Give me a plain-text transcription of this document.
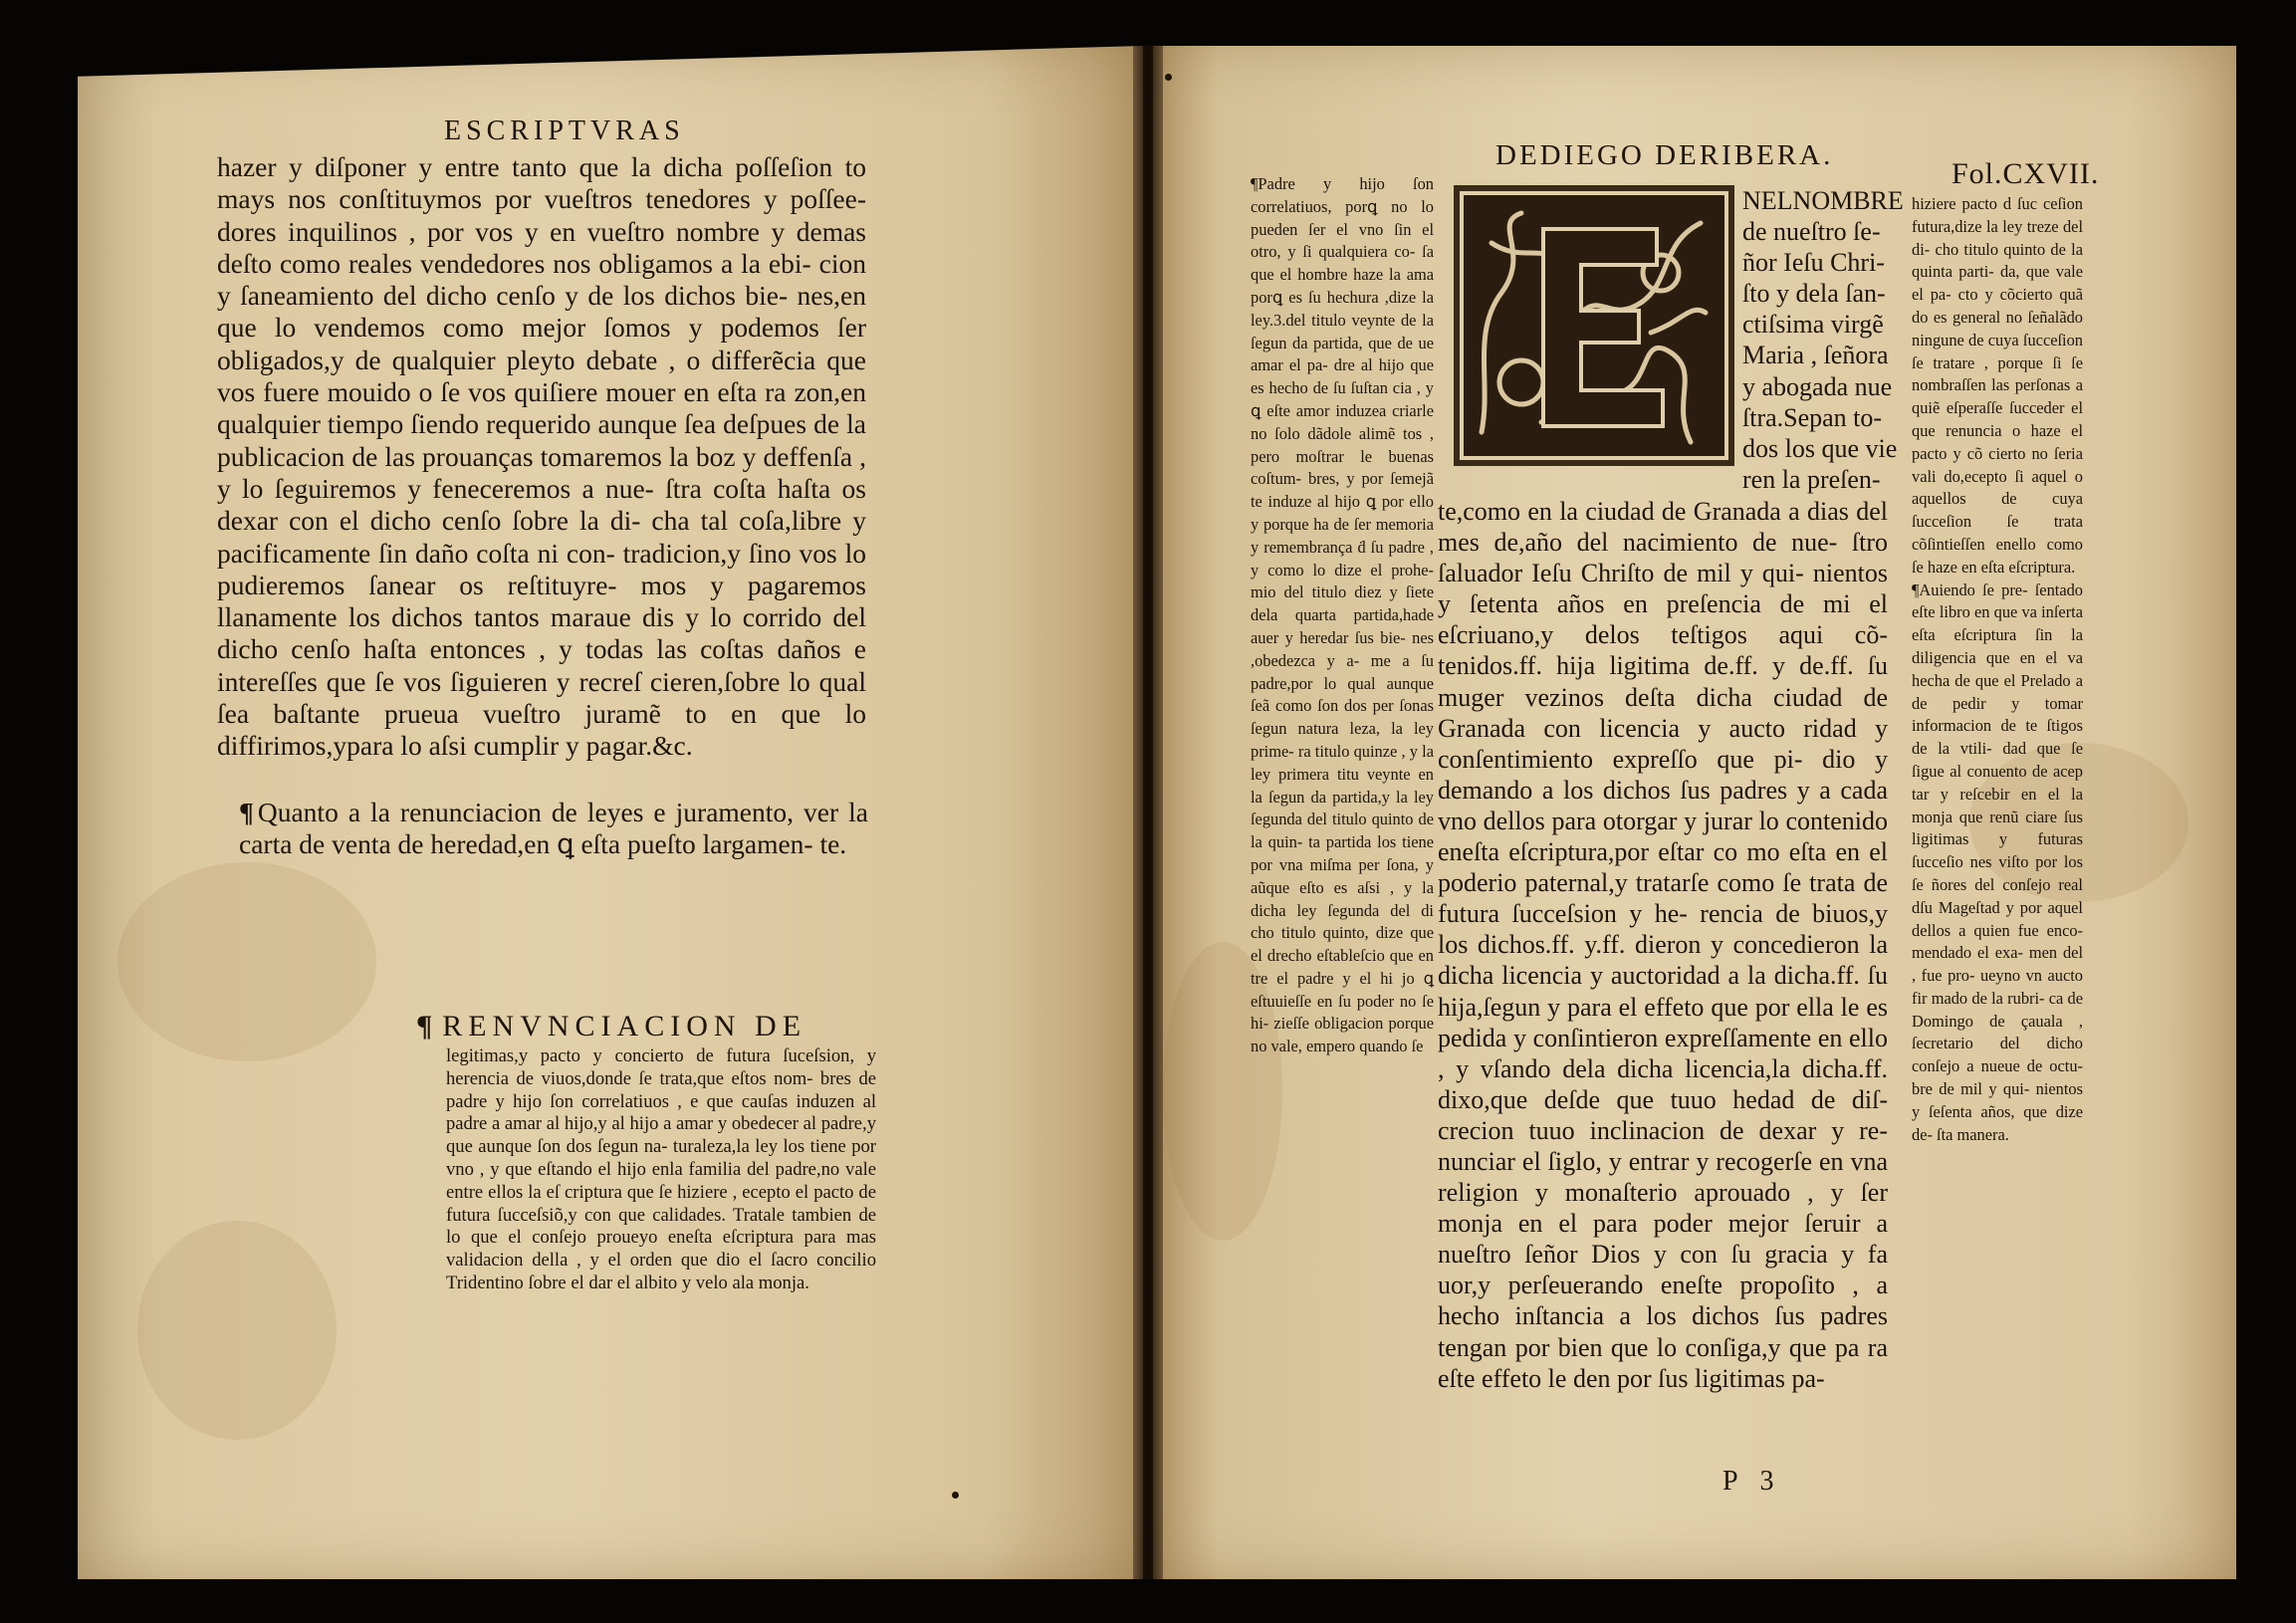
ESCRIPTVRAS

hazer y diſponer y entre tanto que la dicha poſſeſion to mays nos conſtituymos por vueſtros tenedores y poſſee- dores inquilinos , por vos y en vueſtro nombre y demas deſto como reales vendedores nos obligamos a la ebi- cion y ſaneamiento del dicho cenſo y de los dichos bie- nes,en que lo vendemos como mejor ſomos y podemos ſer obligados,y de qualquier pleyto debate , o differẽcia que vos fuere mouido o ſe vos quiſiere mouer en eſta ra zon,en qualquier tiempo ſiendo requerido aunque ſea deſpues de la publicacion de las prouanças tomaremos la boz y deffenſa , y lo ſeguiremos y feneceremos a nue- ſtra coſta haſta os dexar con el dicho cenſo ſobre la di- cha tal coſa,libre y pacificamente ſin daño coſta ni con- tradicion,y ſino vos lo pudieremos ſanear os reſtituyre- mos y pagaremos llanamente los dichos tantos maraue dis y lo corrido del dicho cenſo haſta entonces , y todas las coſtas daños e intereſſes que ſe vos ſiguieren y recreſ cieren,ſobre lo qual ſea baſtante prueua vueſtro juramẽ to en que lo diffirimos,ypara lo aſsi cumplir y pagar.&c.

¶ Quanto a la renunciacion de leyes e juramento, ver la carta de venta de heredad,en ꝗ eſta pueſto largamen- te.

¶ RENVNCIACION DE
legitimas,y pacto y concierto de futura ſuceſsion, y herencia de viuos,donde ſe trata,que eſtos nom- bres de padre y hijo ſon correlatiuos , e que cauſas induzen al padre a amar al hijo,y al hijo a amar y obedecer al padre,y que aunque ſon dos ſegun na- turaleza,la ley los tiene por vno , y que eſtando el hijo enla familia del padre,no vale entre ellos la eſ criptura que ſe hiziere , ecepto el pacto de futura ſucceſsiõ,y con que calidades. Tratale tambien de lo que el conſejo proueyo eneſta eſcriptura para mas validacion della , y el orden que dio el ſacro concilio Tridentino ſobre el dar el albito y velo ala monja.
DEDIEGO DERIBERA.
Fol.CXVII.

¶Padre y hijo ſon correlatiuos, porꝗ no lo pueden ſer el vno ſin el otro, y ſi qualquiera co- ſa que el hombre haze la ama porꝗ es ſu hechura ,dize la ley.3.del titulo veynte de la ſegun da partida, que de ue amar el pa- dre al hijo que es hecho de ſu ſuſtan cia , y ꝗ eſte amor induzea criarle no ſolo dãdole alimẽ tos , pero moſtrar le buenas coſtum- bres, y por ſemejã te induze al hijo ꝗ por ello y porque ha de ſer memoria y remembrança ḋ ſu padre , y como lo dize el prohe- mio del titulo diez y ſiete dela quarta partida,hade auer y heredar ſus bie- nes ,obedezca y a- me a ſu padre,por lo qual aunque ſeã como ſon dos per ſonas ſegun natura leza, la ley prime- ra titulo quinze , y la ley primera titu veynte en la ſegun da partida,y la ley ſegunda del titulo quinto de la quin- ta partida los tiene por vna miſma per ſona, y aũque eſto es aſsi , y la dicha ley ſegunda del di cho titulo quinto, dize que el drecho eſtableſcio que en tre el padre y el hi jo ꝗ eſtuuieſſe en ſu poder no ſe hi- zieſſe obligacion porque no vale, empero quando ſe

NELNOMBRE
de nueſtro ſe-
ñor Ieſu Chri-
ſto y dela ſan-
ctiſsima virgẽ
Maria , ſeñora
y abogada nue
ſtra.Sepan to-
dos los que vie
ren la preſen-

te,como en la ciudad de Granada a dias del mes de,año del nacimiento de nue- ſtro ſaluador Ieſu Chriſto de mil y qui- nientos y ſetenta años en preſencia de mi el eſcriuano,y delos teſtigos aqui cõ- tenidos.ff. hija ligitima de.ff. y de.ff. ſu muger vezinos deſta dicha ciudad de Granada con licencia y aucto ridad y conſentimiento expreſſo que pi- dio y demando a los dichos ſus padres y a cada vno dellos para otorgar y jurar lo contenido eneſta eſcriptura,por eſtar co mo eſta en el poderio paternal,y tratarſe como ſe trata de futura ſucceſsion y he- rencia de biuos,y los dichos.ff. y.ff. dieron y concedieron la dicha licencia y auctoridad a la dicha.ff. ſu hija,ſegun y para el effeto que por ella le es pedida y conſintieron expreſſamente en ello , y vſando dela dicha licencia,la dicha.ff. dixo,que deſde que tuuo hedad de diſ- crecion tuuo inclinacion de dexar y re- nunciar el ſiglo, y entrar y recogerſe en vna religion y monaſterio aprouado , y ſer monja en el para poder mejor ſeruir a nueſtro ſeñor Dios y con ſu gracia y fa uor,y perſeuerando eneſte propoſito , a hecho inſtancia a los dichos ſus padres tengan por bien que lo conſiga,y que pa ra eſte effeto le den por ſus ligitimas pa-

hiziere pacto d ſuc ceſion futura,dize la ley treze del di- cho titulo quinto de la quinta parti- da, que vale el pa- cto y cõcierto quã do es general no ſeñalãdo ningune de cuya ſucceſion ſe tratare , porque ſi ſe nombraſſen las perſonas a quiẽ eſperaſſe ſucceder el que renuncia o haze el pacto y cõ cierto no ſeria vali do,ecepto ſi aquel o aquellos de cuya ſucceſion ſe trata cõſintieſſen enello como ſe haze en eſta eſcriptura.

¶Auiendo ſe pre- ſentado eſte libro en que va inſerta eſta eſcriptura ſin la diligencia que en el va hecha de que el Prelado a de pedir y tomar informacion de te ſtigos de la vtili- dad que ſe ſigue al conuento de acep tar y reſcebir en el la monja que renũ ciare ſus ligitimas y futuras ſucceſio nes viſto por los ſe ñores del conſejo real dſu Mageſtad y por aquel dellos a quien fue enco- mendado el exa- men del , fue pro- ueyno vn aucto fir mado de la rubri- ca de Domingo de çauala , ſecretario del dicho conſejo a nueue de octu- bre de mil y qui- nientos y ſeſenta años, que dize de- ſta manera.

P 3
